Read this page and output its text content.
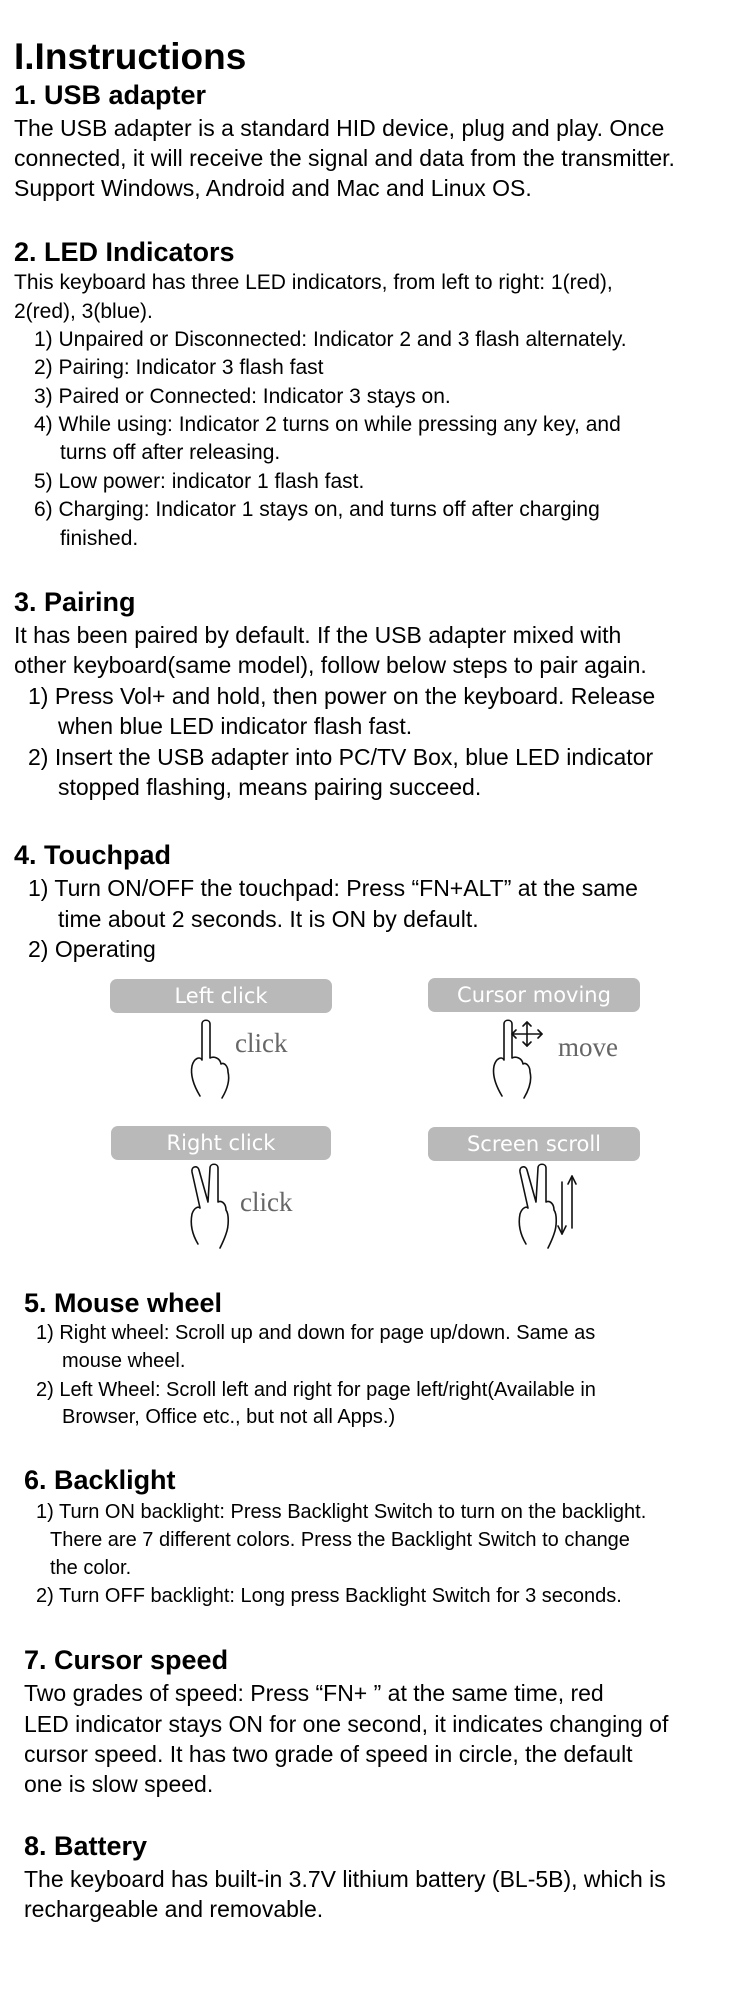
I.Instructions
1. USB adapter

The USB adapter is a standard HID device, plug and play. Once

connected, it will receive the signal and data from the transmitter.

Support Windows, Android and Mac and Linux OS.

2. LED Indicators

This keyboard has three LED indicators, from left to right: 1(red),

2(red), 3(blue).

1) Unpaired or Disconnected: Indicator 2 and 3 flash alternately.

2) Pairing: Indicator 3 flash fast

3) Paired or Connected: Indicator 3 stays on.

4) While using: Indicator 2 turns on while pressing any key, and

turns off after releasing.

5) Low power: indicator 1 flash fast.

6) Charging: Indicator 1 stays on, and turns off after charging

finished.

3. Pairing

It has been paired by default. If the USB adapter mixed with

other keyboard(same model), follow below steps to pair again.

1) Press Vol+ and hold, then power on the keyboard. Release

when blue LED indicator flash fast.

2) Insert the USB adapter into PC/TV Box, blue LED indicator

stopped flashing, means pairing succeed.

4. Touchpad

1) Turn ON/OFF the touchpad: Press “FN+ALT” at the same

time about 2 seconds. It is ON by default.

2) Operating

Left click
click
Cursor moving
move
Right click
click
Screen scroll
5. Mouse wheel

1) Right wheel: Scroll up and down for page up/down. Same as

mouse wheel.

2) Left Wheel: Scroll left and right for page left/right(Available in

Browser, Office etc., but not all Apps.)

6. Backlight

1) Turn ON backlight: Press Backlight Switch to turn on the backlight.

There are 7 different colors. Press the Backlight Switch to change

the color.

2) Turn OFF backlight: Long press Backlight Switch for 3 seconds.

7. Cursor speed

Two grades of speed: Press “FN+ ” at the same time, red

LED indicator stays ON for one second, it indicates changing of

cursor speed. It has two grade of speed in circle, the default

one is slow speed.

8. Battery

The keyboard has built-in 3.7V lithium battery (BL-5B), which is

rechargeable and removable.
